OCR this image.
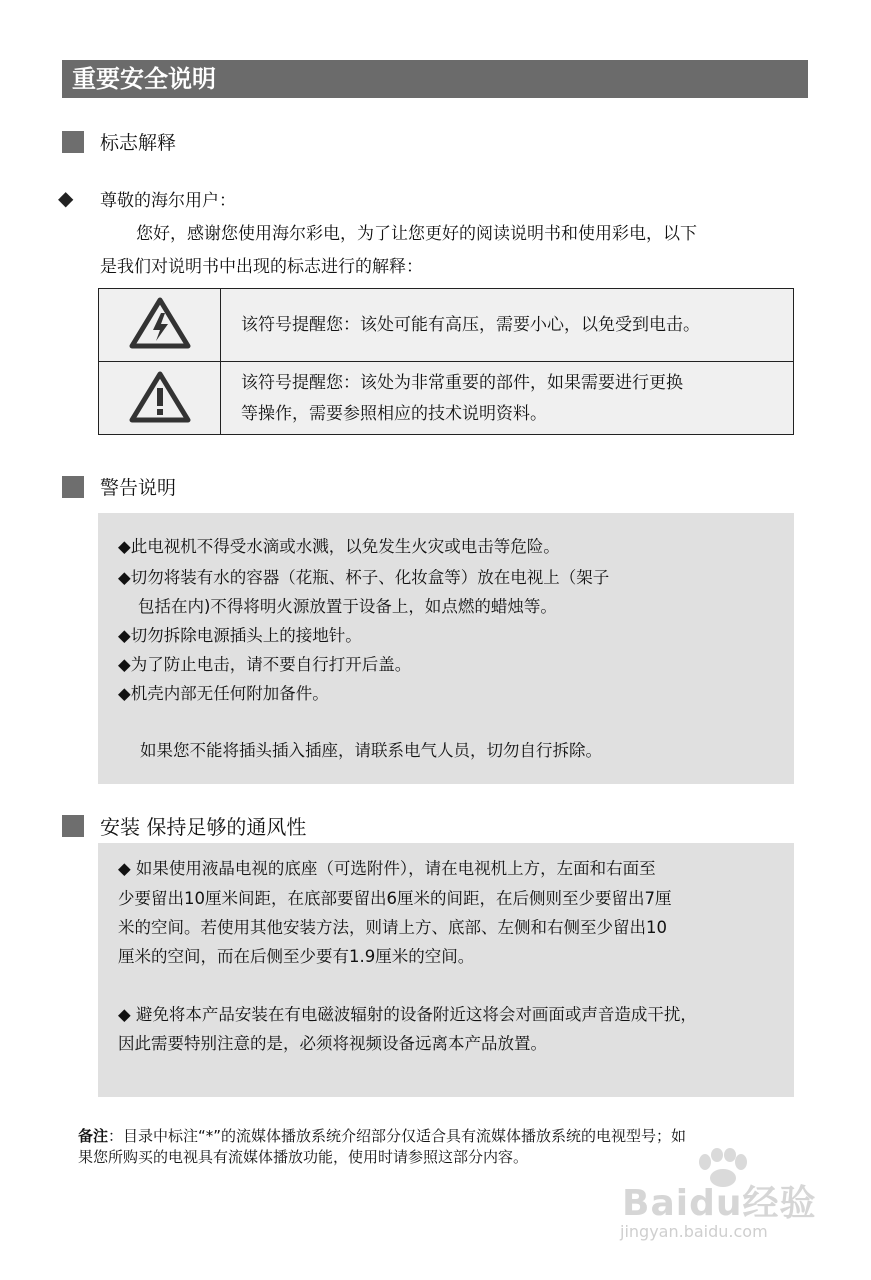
重要安全说明
标志解释
◆ 尊敬的海尔用户：
您好，感谢您使用海尔彩电，为了让您更好的阅读说明书和使用彩电，以下
是我们对说明书中出现的标志进行的解释：
该符号提醒您：该处可能有高压，需要小心，以免受到电击。
该符号提醒您：该处为非常重要的部件，如果需要进行更换
等操作，需要参照相应的技术说明资料。
警告说明
◆此电视机不得受水滴或水溅，以免发生火灾或电击等危险。
◆切勿将装有水的容器（花瓶、杯子、化妆盒等）放在电视上（架子
包括在内)不得将明火源放置于设备上，如点燃的蜡烛等。
◆切勿拆除电源插头上的接地针。
◆为了防止电击，请不要自行打开后盖。
◆机壳内部无任何附加备件。
如果您不能将插头插入插座，请联系电气人员，切勿自行拆除。
安装 保持足够的通风性
◆ 如果使用液晶电视的底座（可选附件），请在电视机上方，左面和右面至
少要留出10厘米间距，在底部要留出6厘米的间距，在后侧则至少要留出7厘
米的空间。若使用其他安装方法，则请上方、底部、左侧和右侧至少留出10
厘米的空间，而在后侧至少要有1.9厘米的空间。
◆ 避免将本产品安装在有电磁波辐射的设备附近这将会对画面或声音造成干扰，
因此需要特别注意的是，必须将视频设备远离本产品放置。
备注：目录中标注“*”的流媒体播放系统介绍部分仅适合具有流媒体播放系统的电视型号；如
果您所购买的电视具有流媒体播放功能，使用时请参照这部分内容。
Baidu经验
jingyan.baidu.com
